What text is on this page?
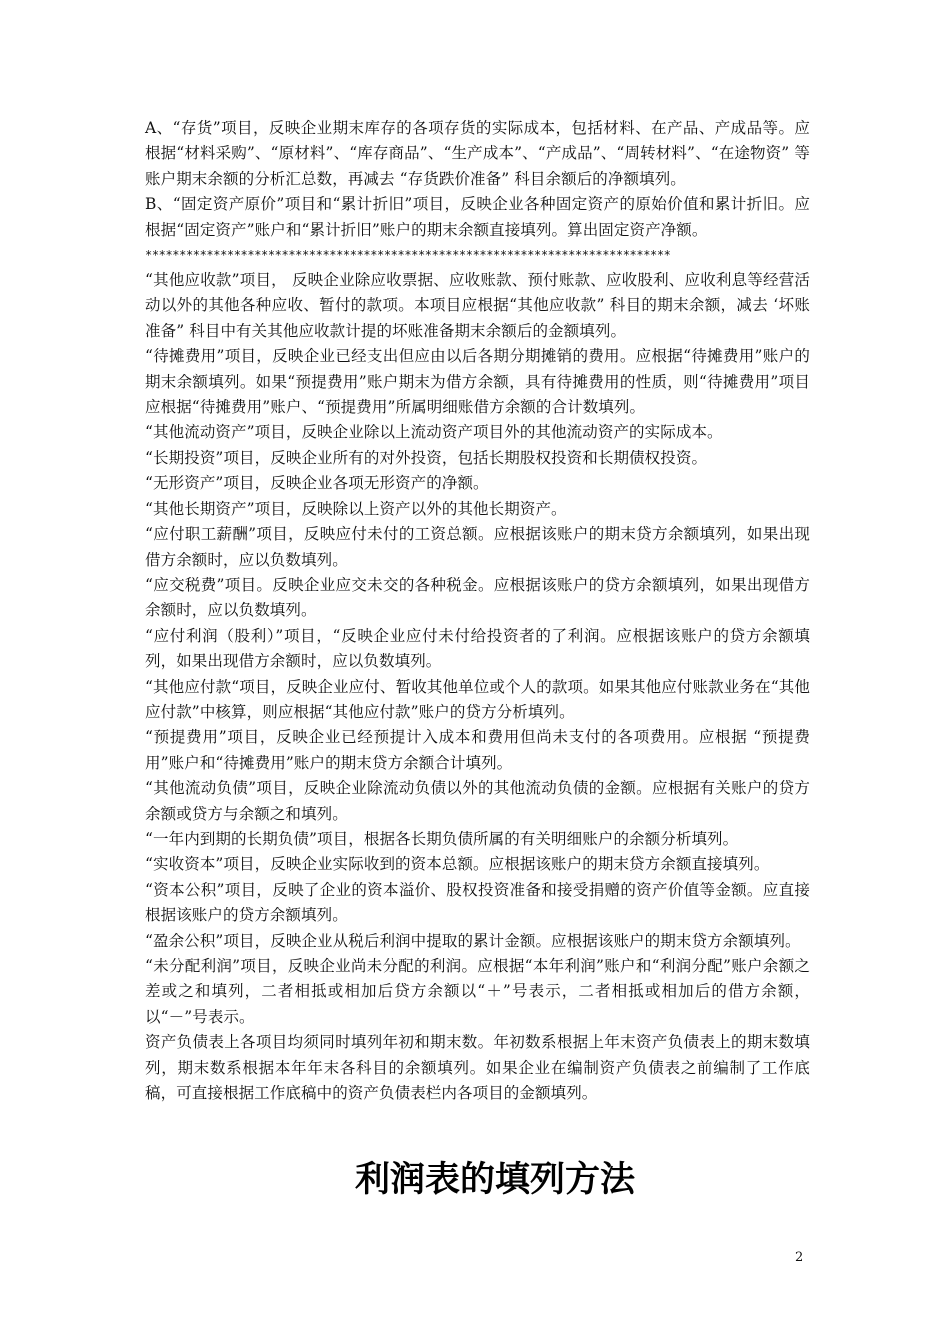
A、“存货”项目，反映企业期末库存的各项存货的实际成本，包括材料、在产品、产成品等。应根据“材料采购”、“原材料”、“库存商品”、“生产成本”、“产成品”、“周转材料”、“在途物资” 等账户期末余额的分析汇总数，再减去 “存货跌价准备” 科目余额后的净额填列。

B、“固定资产原价”项目和“累计折旧”项目，反映企业各种固定资产的原始价值和累计折旧。应根据“固定资产”账户和“累计折旧”账户的期末余额直接填列。算出固定资产净额。

*****************************************************************************

“其他应收款”项目， 反映企业除应收票据、应收账款、预付账款、应收股利、应收利息等经营活动以外的其他各种应收、暂付的款项。本项目应根据“其他应收款” 科目的期末余额，减去 ‘坏账准备” 科目中有关其他应收款计提的坏账准备期末余额后的金额填列。

“待摊费用”项目，反映企业已经支出但应由以后各期分期摊销的费用。应根据“待摊费用”账户的期末余额填列。如果“预提费用”账户期末为借方余额，具有待摊费用的性质，则“待摊费用”项目应根据“待摊费用”账户、“预提费用”所属明细账借方余额的合计数填列。

“其他流动资产”项目，反映企业除以上流动资产项目外的其他流动资产的实际成本。

“长期投资”项目，反映企业所有的对外投资，包括长期股权投资和长期债权投资。

“无形资产”项目，反映企业各项无形资产的净额。

“其他长期资产”项目，反映除以上资产以外的其他长期资产。

“应付职工薪酬”项目，反映应付未付的工资总额。应根据该账户的期末贷方余额填列，如果出现借方余额时，应以负数填列。

“应交税费”项目。反映企业应交未交的各种税金。应根据该账户的贷方余额填列，如果出现借方余额时，应以负数填列。

“应付利润（股利）”项目，“反映企业应付未付给投资者的了利润。应根据该账户的贷方余额填列，如果出现借方余额时，应以负数填列。

“其他应付款“项目，反映企业应付、暂收其他单位或个人的款项。如果其他应付账款业务在“其他应付款”中核算，则应根据“其他应付款”账户的贷方分析填列。

“预提费用”项目，反映企业已经预提计入成本和费用但尚未支付的各项费用。应根据 “预提费用”账户和“待摊费用”账户的期末贷方余额合计填列。

“其他流动负债”项目，反映企业除流动负债以外的其他流动负债的金额。应根据有关账户的贷方余额或贷方与余额之和填列。

“一年内到期的长期负债”项目，根据各长期负债所属的有关明细账户的余额分析填列。

“实收资本”项目，反映企业实际收到的资本总额。应根据该账户的期末贷方余额直接填列。

“资本公积”项目，反映了企业的资本溢价、股权投资准备和接受捐赠的资产价值等金额。应直接根据该账户的贷方余额填列。

“盈余公积”项目，反映企业从税后利润中提取的累计金额。应根据该账户的期末贷方余额填列。

“未分配利润”项目，反映企业尚未分配的利润。应根据“本年利润”账户和“利润分配”账户余额之差或之和填列，二者相抵或相加后贷方余额以“＋”号表示，二者相抵或相加后的借方余额，以“－”号表示。

资产负债表上各项目均须同时填列年初和期末数。年初数系根据上年末资产负债表上的期末数填列，期末数系根据本年年末各科目的余额填列。如果企业在编制资产负债表之前编制了工作底稿，可直接根据工作底稿中的资产负债表栏内各项目的金额填列。

利润表的填列方法
2
